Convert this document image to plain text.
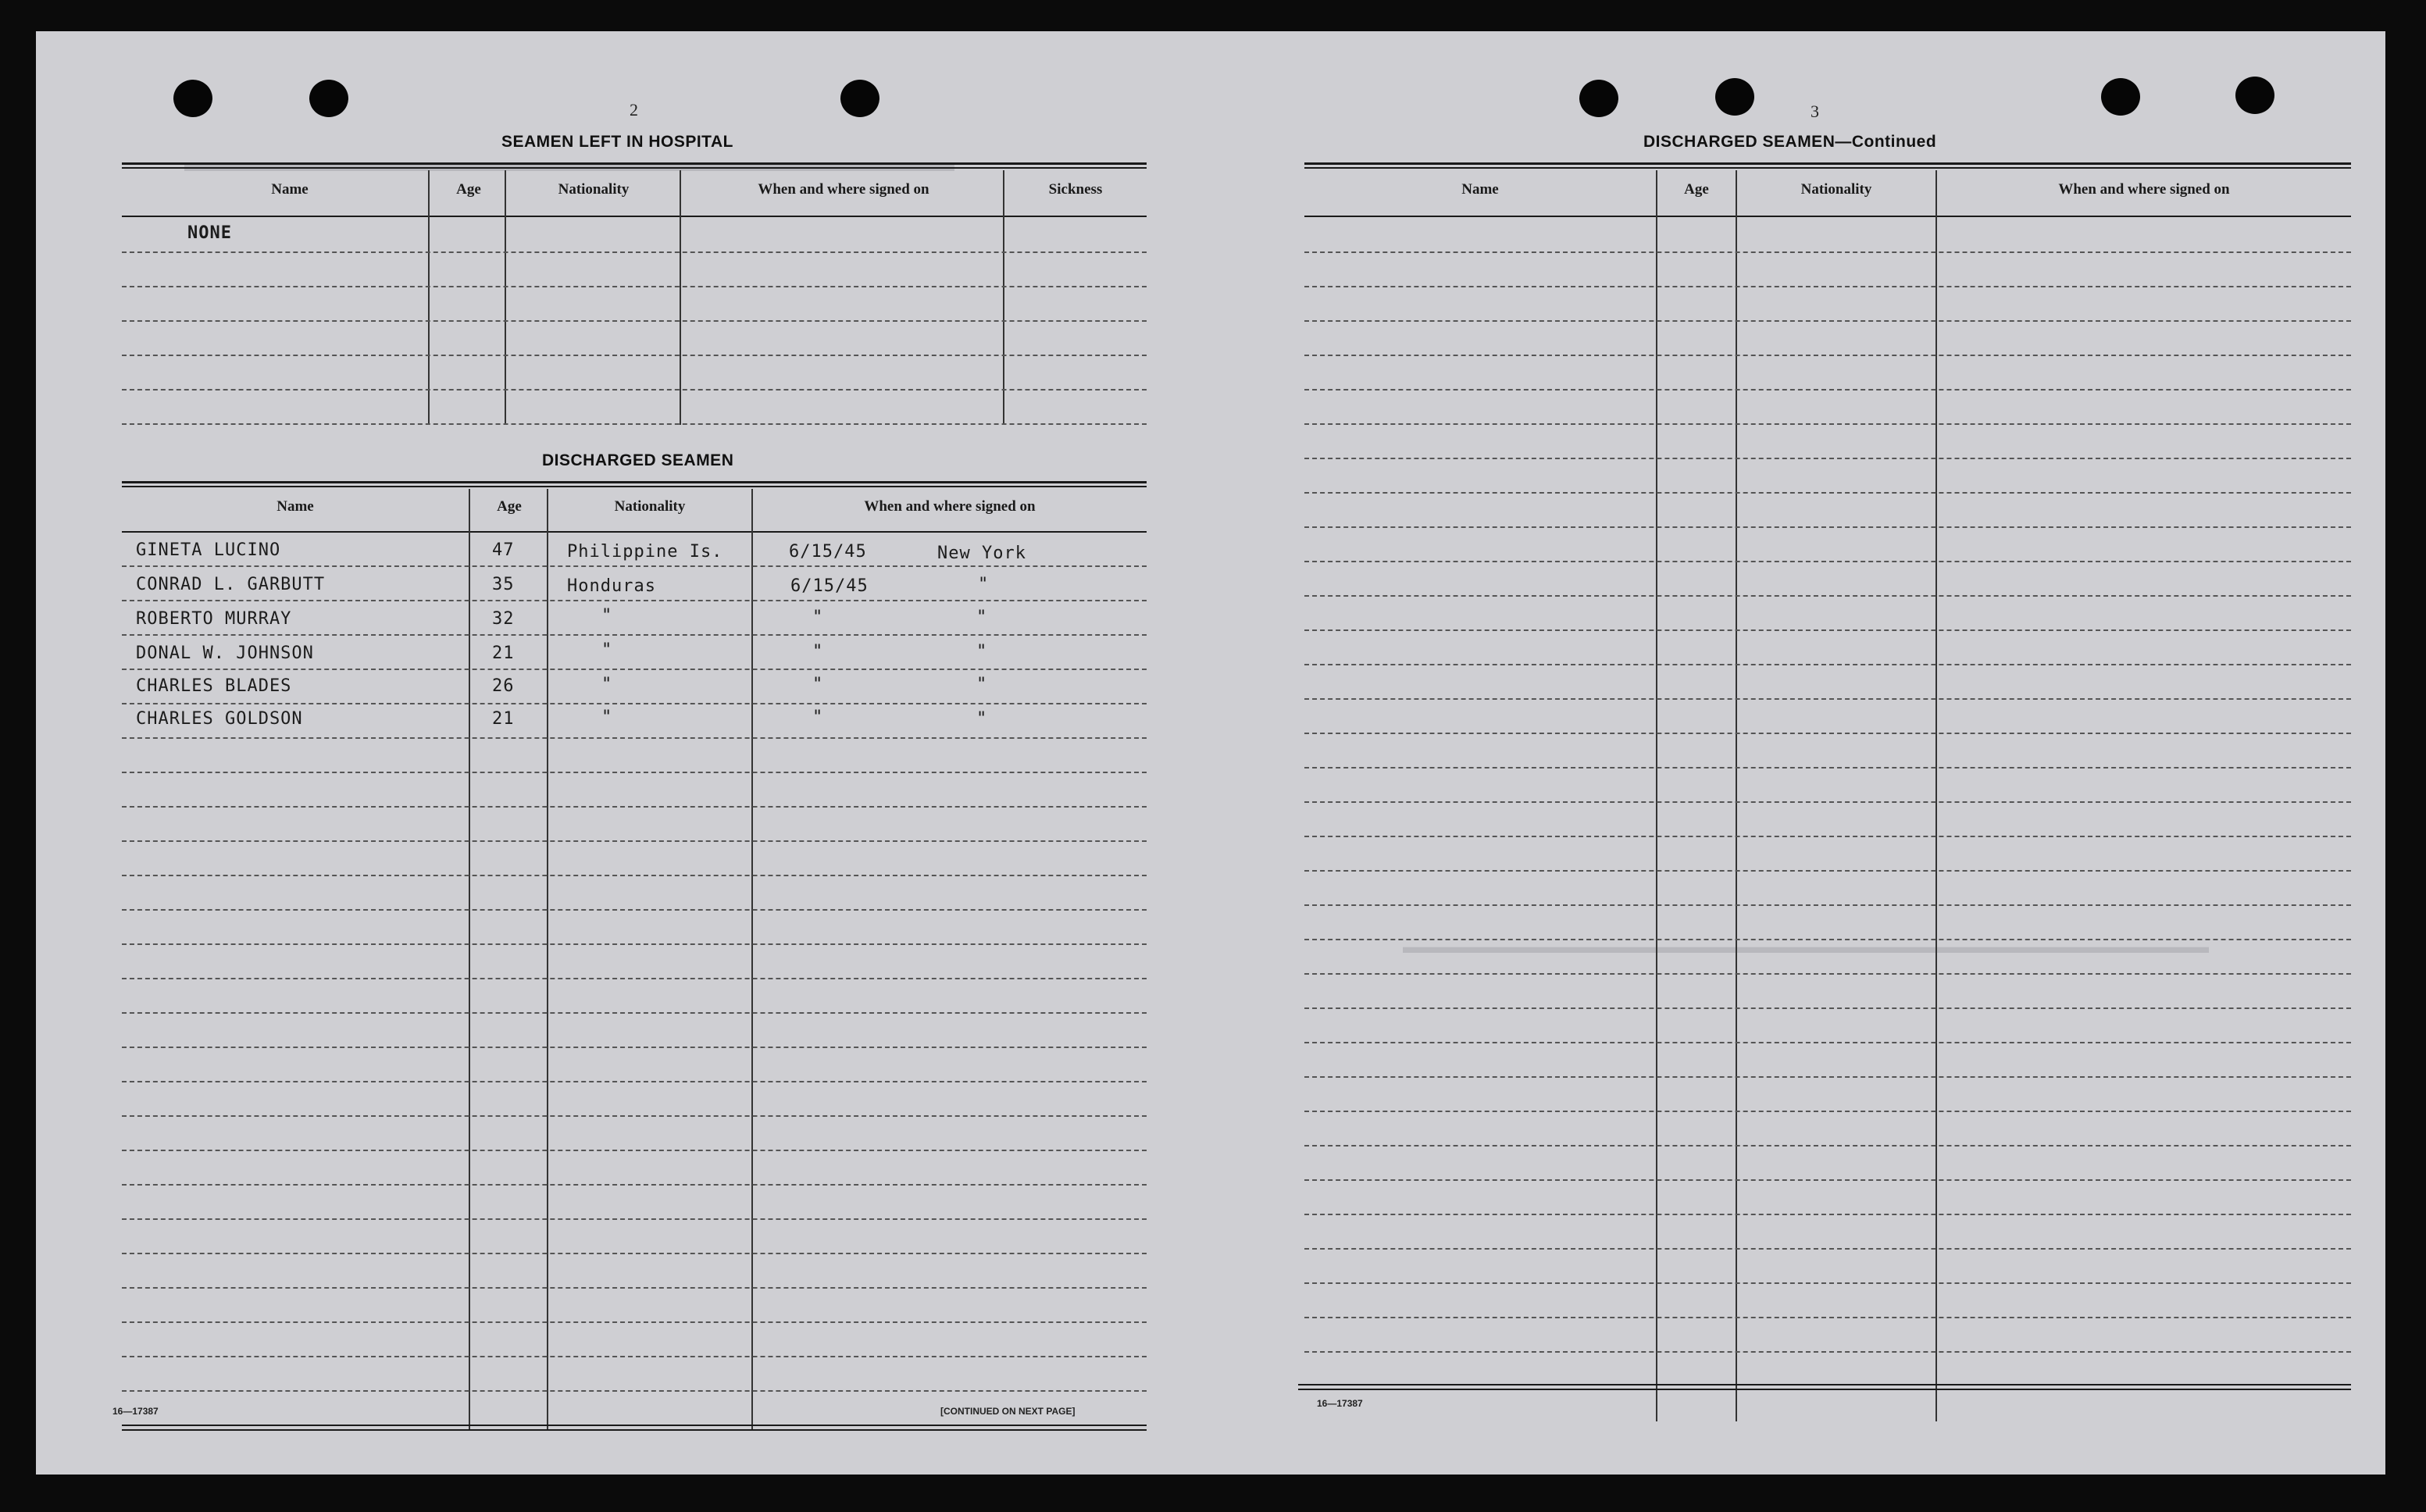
▬▬▬▬▬▬▬▬▬▬▬▬▬▬▬▬▬▬▬▬▬▬▬▬▬▬▬▬▬
▬▬▬▬▬▬▬▬▬▬▬▬▬▬▬▬▬▬▬▬▬▬▬▬▬▬▬▬▬▬▬▬▬▬▬▬▬▬▬▬▬▬▬
2
SEAMEN LEFT IN HOSPITAL
Name	Age	Nationality	When and where signed on	Sickness
NONE
DISCHARGED SEAMEN
Name	Age	Nationality	When and where signed on
GINETA LUCINO	47	Philippine Is.	6/15/45	New York
CONRAD L. GARBUTT	35	Honduras	6/15/45	"
ROBERTO MURRAY	32	"	"	"
DONAL W. JOHNSON	21	"	"	"
CHARLES BLADES	26	"	"	"
CHARLES GOLDSON	21	"	"	"
16—17387	[CONTINUED ON NEXT PAGE]
3
DISCHARGED SEAMEN—Continued
Name	Age	Nationality	When and where signed on
16—17387
